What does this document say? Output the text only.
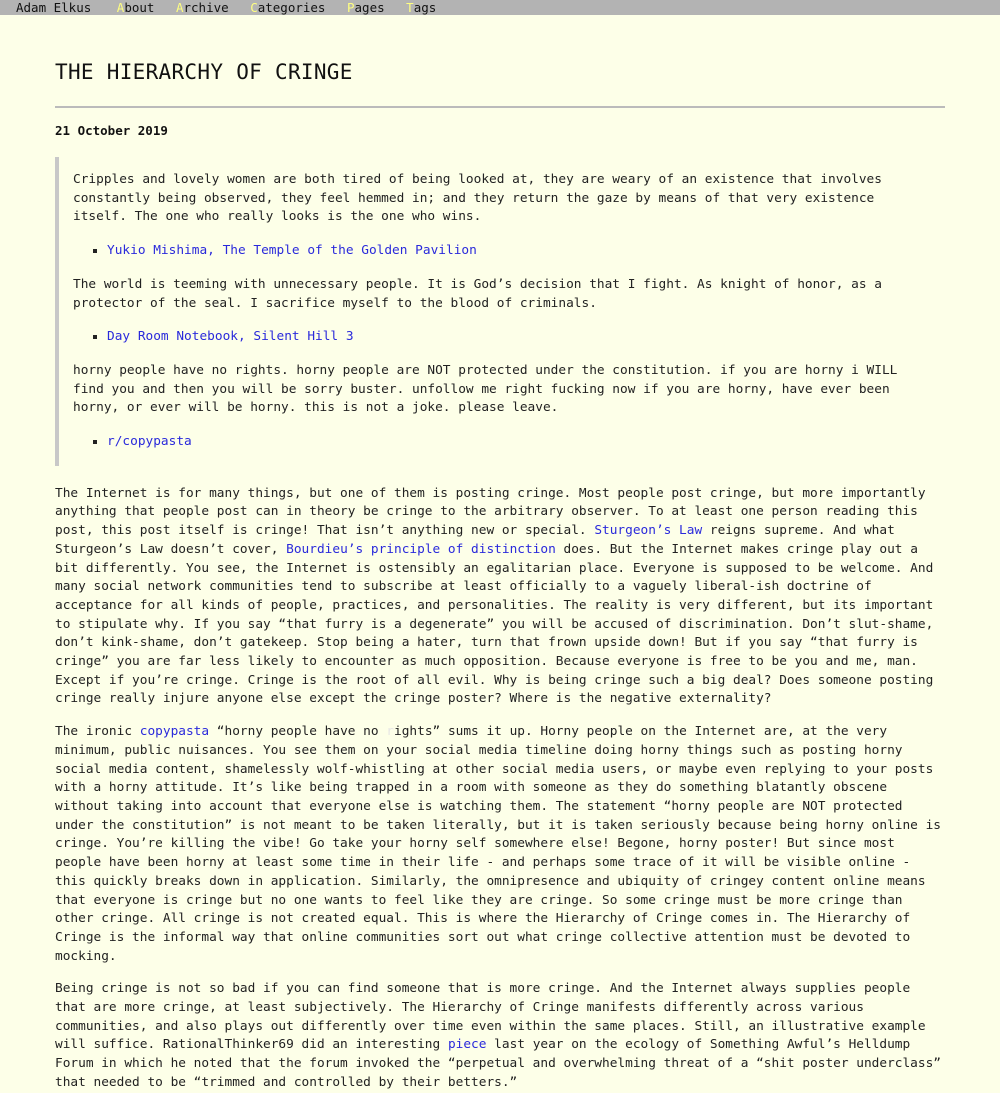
Adam Elkus About Archive Categories Pages Tags
THE HIERARCHY OF CRINGE
21 October 2019

Cripples and lovely women are both tired of being looked at, they are weary of an existence that involves constantly being observed, they feel hemmed in; and they return the gaze by means of that very existence itself. The one who really looks is the one who wins.

▪ Yukio Mishima, The Temple of the Golden Pavilion

The world is teeming with unnecessary people. It is God’s decision that I fight. As knight of honor, as a protector of the seal. I sacrifice myself to the blood of criminals.

▪ Day Room Notebook, Silent Hill 3

horny people have no rights. horny people are NOT protected under the constitution. if you are horny i WILL find you and then you will be sorry buster. unfollow me right fucking now if you are horny, have ever been horny, or ever will be horny. this is not a joke. please leave.

▪ r/copypasta

The Internet is for many things, but one of them is posting cringe. Most people post cringe, but more importantly anything that people post can in theory be cringe to the arbitrary observer. To at least one person reading this post, this post itself is cringe! That isn’t anything new or special. Sturgeon’s Law reigns supreme. And what Sturgeon’s Law doesn’t cover, Bourdieu’s principle of distinction does. But the Internet makes cringe play out a bit differently. You see, the Internet is ostensibly an egalitarian place. Everyone is supposed to be welcome. And many social network communities tend to subscribe at least officially to a vaguely liberal-ish doctrine of acceptance for all kinds of people, practices, and personalities. The reality is very different, but its important to stipulate why. If you say “that furry is a degenerate” you will be accused of discrimination. Don’t slut-shame, don’t kink-shame, don’t gatekeep. Stop being a hater, turn that frown upside down! But if you say “that furry is cringe” you are far less likely to encounter as much opposition. Because everyone is free to be you and me, man. Except if you’re cringe. Cringe is the root of all evil. Why is being cringe such a big deal? Does someone posting cringe really injure anyone else except the cringe poster? Where is the negative externality?

The ironic copypasta “horny people have no rights” sums it up. Horny people on the Internet are, at the very minimum, public nuisances. You see them on your social media timeline doing horny things such as posting horny social media content, shamelessly wolf-whistling at other social media users, or maybe even replying to your posts with a horny attitude. It’s like being trapped in a room with someone as they do something blatantly obscene without taking into account that everyone else is watching them. The statement “horny people are NOT protected under the constitution” is not meant to be taken literally, but it is taken seriously because being horny online is cringe. You’re killing the vibe! Go take your horny self somewhere else! Begone, horny poster! But since most people have been horny at least some time in their life - and perhaps some trace of it will be visible online - this quickly breaks down in application. Similarly, the omnipresence and ubiquity of cringey content online means that everyone is cringe but no one wants to feel like they are cringe. So some cringe must be more cringe than other cringe. All cringe is not created equal. This is where the Hierarchy of Cringe comes in. The Hierarchy of Cringe is the informal way that online communities sort out what cringe collective attention must be devoted to mocking.

Being cringe is not so bad if you can find someone that is more cringe. And the Internet always supplies people that are more cringe, at least subjectively. The Hierarchy of Cringe manifests differently across various communities, and also plays out differently over time even within the same places. Still, an illustrative example will suffice. RationalThinker69 did an interesting piece last year on the ecology of Something Awful’s Helldump Forum in which he noted that the forum invoked the “perpetual and overwhelming threat of a “shit poster underclass” that needed to be “trimmed and controlled by their betters.”
